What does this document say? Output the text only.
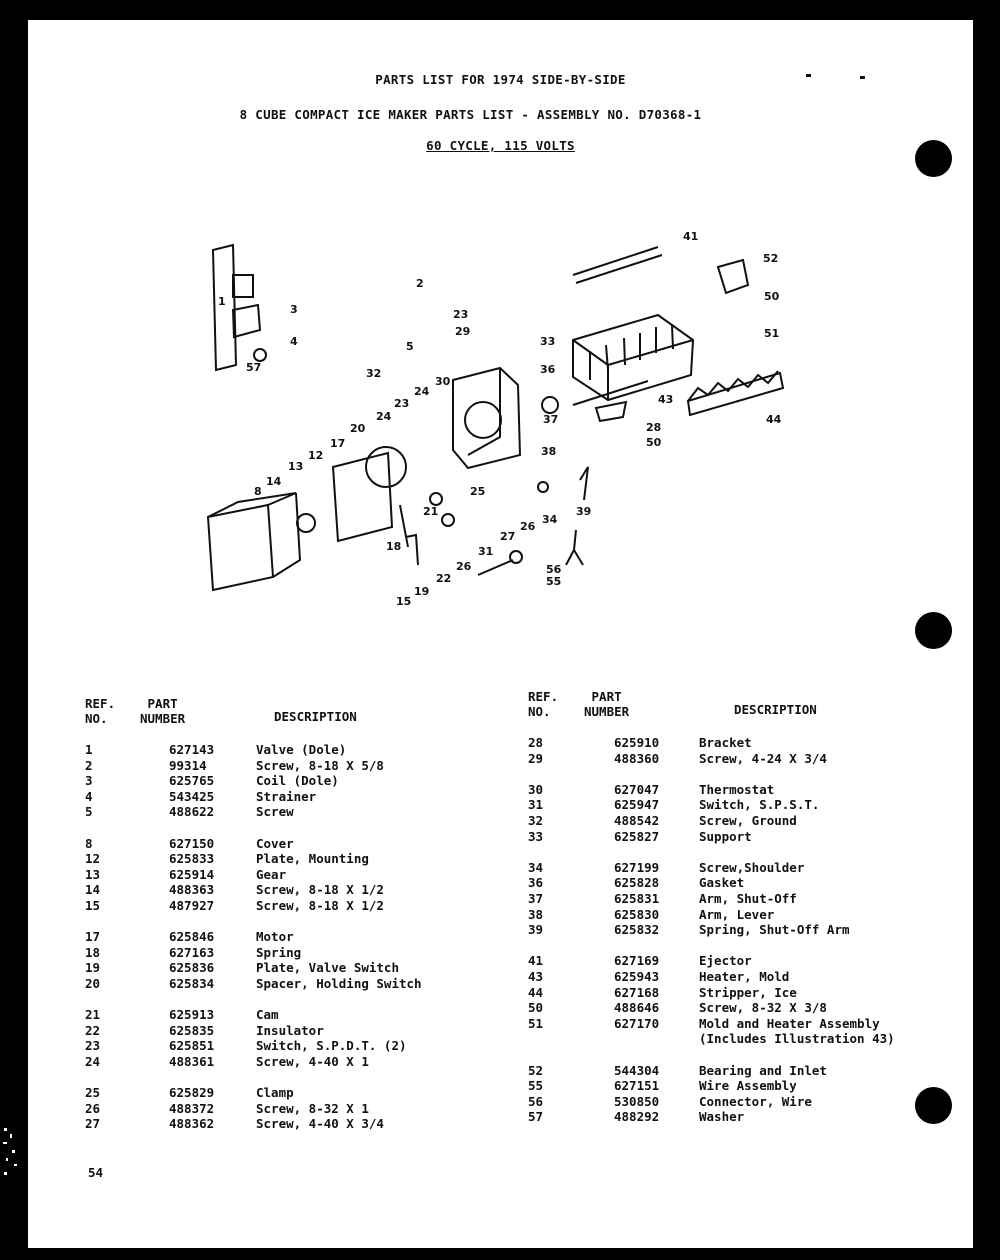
PARTS LIST FOR 1974 SIDE-BY-SIDE
8 CUBE COMPACT ICE MAKER PARTS LIST - ASSEMBLY NO. D70368-1
60 CYCLE, 115 VOLTS
2
3
4
57
1
5
32
23
29
33
36
30
24
23
24
20
17
12
13
14
8
37
38
25
21
26
34
27
31
26
18
22
19
15
39
56
55
28
50
43
44
51
50
52
41
REF.
NO.
PART
NUMBER	DESCRIPTION
REF.
NO.
PART
NUMBER	DESCRIPTION
1	627143	Valve (Dole)
2	99314	Screw, 8-18 X 5/8
3	625765	Coil (Dole)
4	543425	Strainer
5	488622	Screw
8	627150	Cover
12	625833	Plate, Mounting
13	625914	Gear
14	488363	Screw, 8-18 X 1/2
15	487927	Screw, 8-18 X 1/2
17	625846	Motor
18	627163	Spring
19	625836	Plate, Valve Switch
20	625834	Spacer, Holding Switch
21	625913	Cam
22	625835	Insulator
23	625851	Switch, S.P.D.T. (2)
24	488361	Screw, 4-40 X 1
25	625829	Clamp
26	488372	Screw, 8-32 X 1
27	488362	Screw, 4-40 X 3/4
28	625910	Bracket
29	488360	Screw, 4-24 X 3/4
30	627047	Thermostat
31	625947	Switch, S.P.S.T.
32	488542	Screw, Ground
33	625827	Support
34	627199	Screw,Shoulder
36	625828	Gasket
37	625831	Arm, Shut-Off
38	625830	Arm, Lever
39	625832	Spring, Shut-Off Arm
41	627169	Ejector
43	625943	Heater, Mold
44	627168	Stripper, Ice
50	488646	Screw, 8-32 X 3/8
51	627170	Mold and Heater Assembly
(Includes Illustration 43)
52	544304	Bearing and Inlet
55	627151	Wire Assembly
56	530850	Connector, Wire
57	488292	Washer
54
